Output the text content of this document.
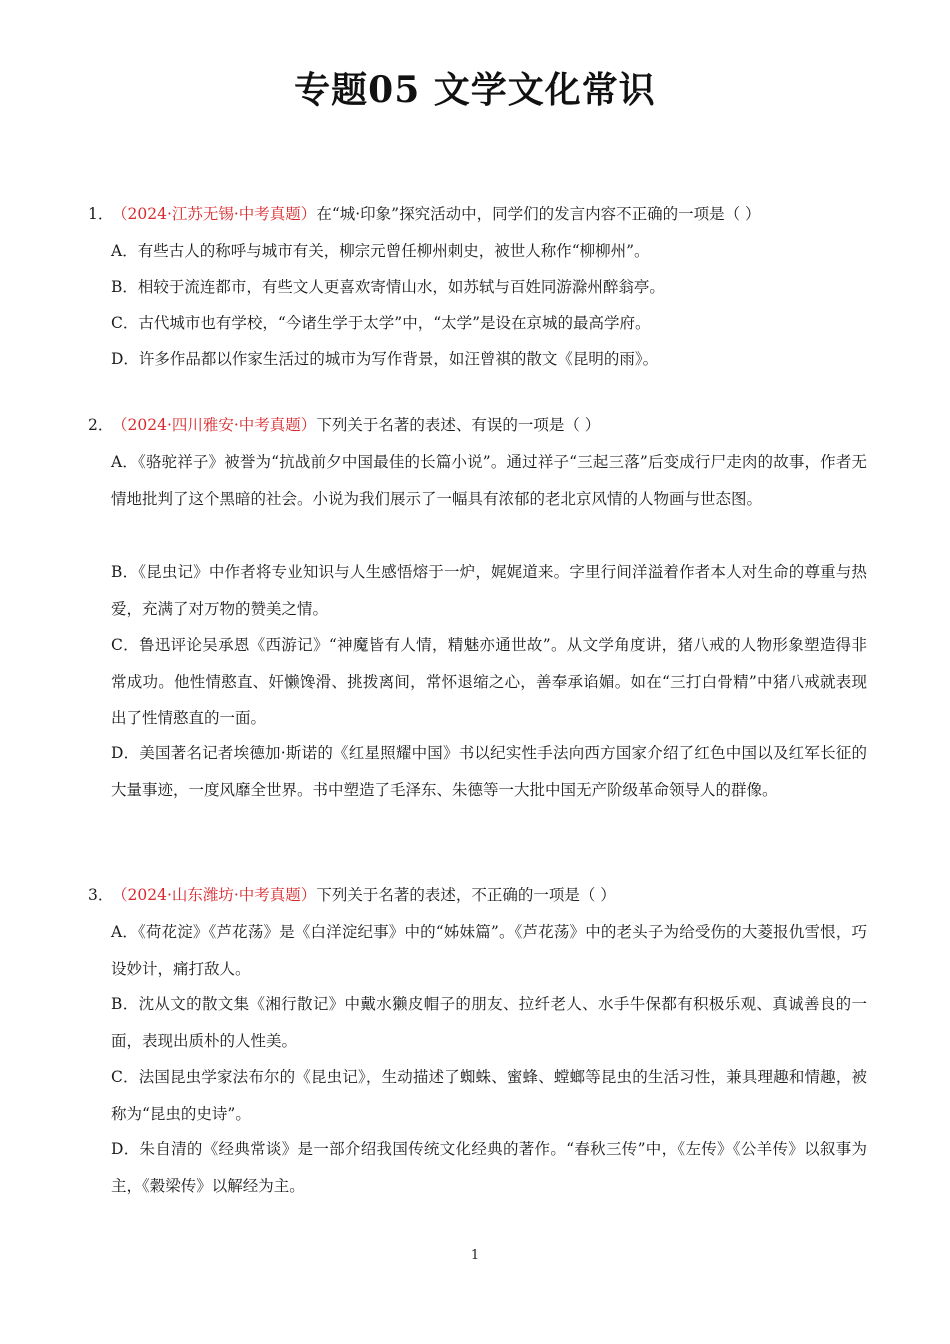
专题05 文学文化常识
1．（2024·江苏无锡·中考真题）在“城·印象”探究活动中，同学们的发言内容不正确的一项是（ ）
A．有些古人的称呼与城市有关，柳宗元曾任柳州刺史，被世人称作“柳柳州”。
B．相较于流连都市，有些文人更喜欢寄情山水，如苏轼与百姓同游滁州醉翁亭。
C．古代城市也有学校，“今诸生学于太学”中，“太学”是设在京城的最高学府。
D．许多作品都以作家生活过的城市为写作背景，如汪曾祺的散文《昆明的雨》。
2．（2024·四川雅安·中考真题）下列关于名著的表述、有误的一项是（ ）
A．《骆驼祥子》被誉为“抗战前夕中国最佳的长篇小说”。通过祥子“三起三落”后变成行尸走肉的故事，作者无情地批判了这个黑暗的社会。小说为我们展示了一幅具有浓郁的老北京风情的人物画与世态图。
B．《昆虫记》中作者将专业知识与人生感悟熔于一炉，娓娓道来。字里行间洋溢着作者本人对生命的尊重与热爱，充满了对万物的赞美之情。
C．鲁迅评论吴承恩《西游记》“神魔皆有人情，精魅亦通世故”。从文学角度讲，猪八戒的人物形象塑造得非常成功。他性情憨直、奸懒馋滑、挑拨离间，常怀退缩之心，善奉承谄媚。如在“三打白骨精”中猪八戒就表现出了性情憨直的一面。
D．美国著名记者埃德加·斯诺的《红星照耀中国》书以纪实性手法向西方国家介绍了红色中国以及红军长征的大量事迹，一度风靡全世界。书中塑造了毛泽东、朱德等一大批中国无产阶级革命领导人的群像。
3．（2024·山东潍坊·中考真题）下列关于名著的表述，不正确的一项是（ ）
A．《荷花淀》《芦花荡》是《白洋淀纪事》中的“姊妹篇”。《芦花荡》中的老头子为给受伤的大菱报仇雪恨，巧设妙计，痛打敌人。
B．沈从文的散文集《湘行散记》中戴水獭皮帽子的朋友、拉纤老人、水手牛保都有积极乐观、真诚善良的一面，表现出质朴的人性美。
C．法国昆虫学家法布尔的《昆虫记》，生动描述了蜘蛛、蜜蜂、螳螂等昆虫的生活习性，兼具理趣和情趣，被称为“昆虫的史诗”。
D．朱自清的《经典常谈》是一部介绍我国传统文化经典的著作。“春秋三传”中，《左传》《公羊传》以叙事为主，《穀梁传》以解经为主。
1
